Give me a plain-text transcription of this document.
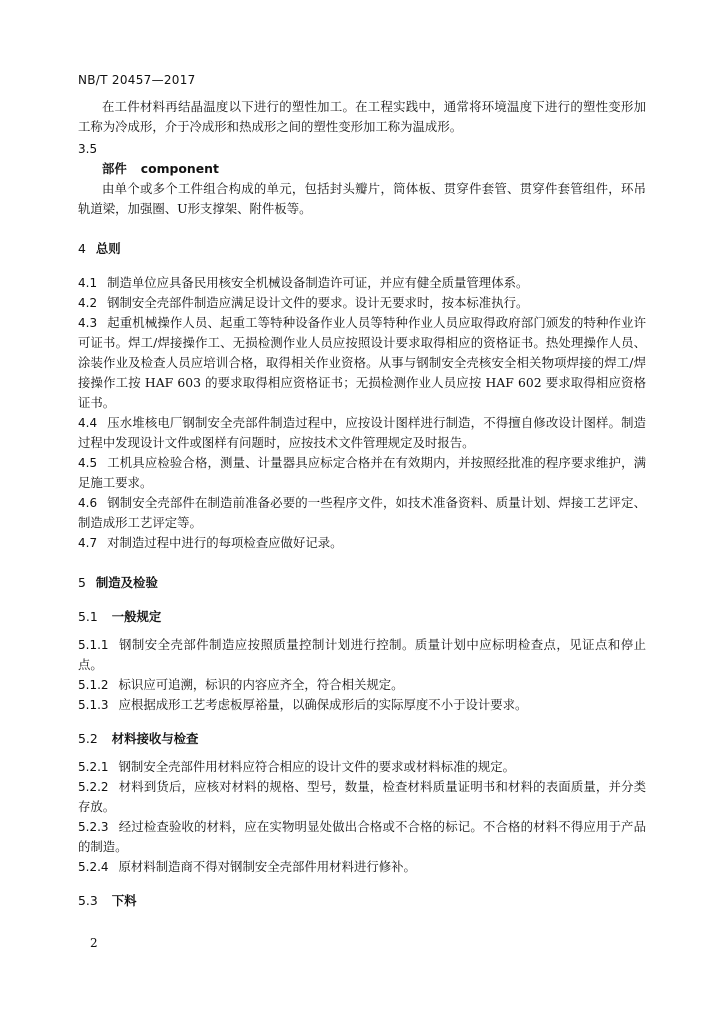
NB/T 20457—2017

在工件材料再结晶温度以下进行的塑性加工。在工程实践中，通常将环境温度下进行的塑性变形加工称为冷成形，介于冷成形和热成形之间的塑性变形加工称为温成形。

3.5
部件 component

由单个或多个工件组合构成的单元，包括封头瓣片，筒体板、贯穿件套管、贯穿件套管组件，环吊轨道梁，加强圈、U形支撑架、附件板等。

4 总则

4.1 制造单位应具备民用核安全机械设备制造许可证，并应有健全质量管理体系。

4.2 钢制安全壳部件制造应满足设计文件的要求。设计无要求时，按本标准执行。

4.3 起重机械操作人员、起重工等特种设备作业人员等特种作业人员应取得政府部门颁发的特种作业许可证书。焊工/焊接操作工、无损检测作业人员应按照设计要求取得相应的资格证书。热处理操作人员、涂装作业及检查人员应培训合格，取得相关作业资格。从事与钢制安全壳核安全相关物项焊接的焊工/焊接操作工按 HAF 603 的要求取得相应资格证书；无损检测作业人员应按 HAF 602 要求取得相应资格证书。

4.4 压水堆核电厂钢制安全壳部件制造过程中，应按设计图样进行制造，不得擅自修改设计图样。制造过程中发现设计文件或图样有问题时，应按技术文件管理规定及时报告。

4.5 工机具应检验合格，测量、计量器具应标定合格并在有效期内，并按照经批准的程序要求维护，满足施工要求。

4.6 钢制安全壳部件在制造前准备必要的一些程序文件，如技术准备资料、质量计划、焊接工艺评定、制造成形工艺评定等。

4.7 对制造过程中进行的每项检查应做好记录。

5 制造及检验
5.1 一般规定

5.1.1 钢制安全壳部件制造应按照质量控制计划进行控制。质量计划中应标明检查点，见证点和停止点。

5.1.2 标识应可追溯，标识的内容应齐全，符合相关规定。

5.1.3 应根据成形工艺考虑板厚裕量，以确保成形后的实际厚度不小于设计要求。

5.2 材料接收与检查

5.2.1 钢制安全壳部件用材料应符合相应的设计文件的要求或材料标准的规定。

5.2.2 材料到货后，应核对材料的规格、型号，数量，检查材料质量证明书和材料的表面质量，并分类存放。

5.2.3 经过检查验收的材料，应在实物明显处做出合格或不合格的标记。不合格的材料不得应用于产品的制造。

5.2.4 原材料制造商不得对钢制安全壳部件用材料进行修补。

5.3 下料
2
